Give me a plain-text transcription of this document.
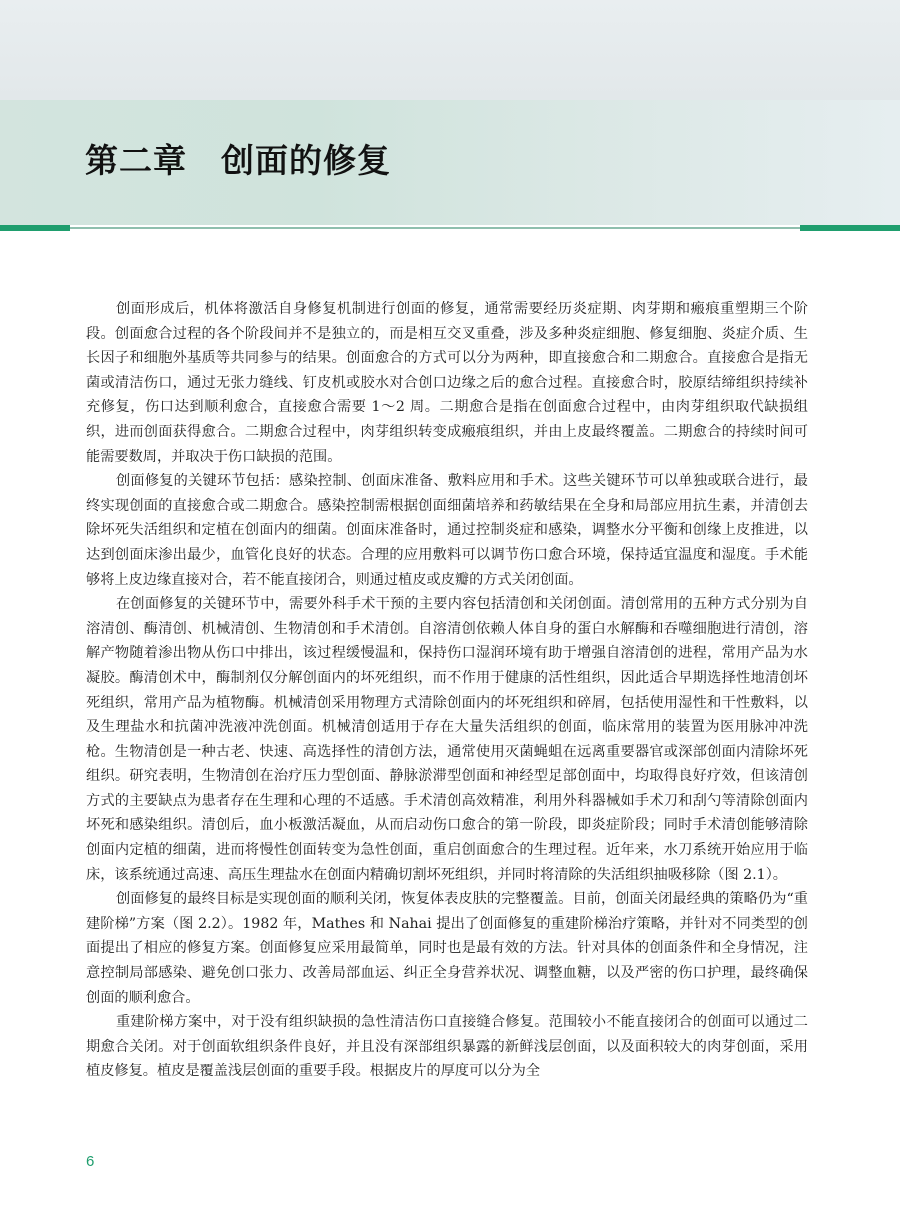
第二章　创面的修复

创面形成后，机体将激活自身修复机制进行创面的修复，通常需要经历炎症期、肉芽期和瘢痕重塑期三个阶段。创面愈合过程的各个阶段间并不是独立的，而是相互交叉重叠，涉及多种炎症细胞、修复细胞、炎症介质、生长因子和细胞外基质等共同参与的结果。创面愈合的方式可以分为两种，即直接愈合和二期愈合。直接愈合是指无菌或清洁伤口，通过无张力缝线、钉皮机或胶水对合创口边缘之后的愈合过程。直接愈合时，胶原结缔组织持续补充修复，伤口达到顺利愈合，直接愈合需要 1～2 周。二期愈合是指在创面愈合过程中，由肉芽组织取代缺损组织，进而创面获得愈合。二期愈合过程中，肉芽组织转变成瘢痕组织，并由上皮最终覆盖。二期愈合的持续时间可能需要数周，并取决于伤口缺损的范围。

创面修复的关键环节包括：感染控制、创面床准备、敷料应用和手术。这些关键环节可以单独或联合进行，最终实现创面的直接愈合或二期愈合。感染控制需根据创面细菌培养和药敏结果在全身和局部应用抗生素，并清创去除坏死失活组织和定植在创面内的细菌。创面床准备时，通过控制炎症和感染，调整水分平衡和创缘上皮推进，以达到创面床渗出最少，血管化良好的状态。合理的应用敷料可以调节伤口愈合环境，保持适宜温度和湿度。手术能够将上皮边缘直接对合，若不能直接闭合，则通过植皮或皮瓣的方式关闭创面。

在创面修复的关键环节中，需要外科手术干预的主要内容包括清创和关闭创面。清创常用的五种方式分别为自溶清创、酶清创、机械清创、生物清创和手术清创。自溶清创依赖人体自身的蛋白水解酶和吞噬细胞进行清创，溶解产物随着渗出物从伤口中排出，该过程缓慢温和，保持伤口湿润环境有助于增强自溶清创的进程，常用产品为水凝胶。酶清创术中，酶制剂仅分解创面内的坏死组织，而不作用于健康的活性组织，因此适合早期选择性地清创坏死组织，常用产品为植物酶。机械清创采用物理方式清除创面内的坏死组织和碎屑，包括使用湿性和干性敷料，以及生理盐水和抗菌冲洗液冲洗创面。机械清创适用于存在大量失活组织的创面，临床常用的装置为医用脉冲冲洗枪。生物清创是一种古老、快速、高选择性的清创方法，通常使用灭菌蝇蛆在远离重要器官或深部创面内清除坏死组织。研究表明，生物清创在治疗压力型创面、静脉淤滞型创面和神经型足部创面中，均取得良好疗效，但该清创方式的主要缺点为患者存在生理和心理的不适感。手术清创高效精准，利用外科器械如手术刀和刮勺等清除创面内坏死和感染组织。清创后，血小板激活凝血，从而启动伤口愈合的第一阶段，即炎症阶段；同时手术清创能够清除创面内定植的细菌，进而将慢性创面转变为急性创面，重启创面愈合的生理过程。近年来，水刀系统开始应用于临床，该系统通过高速、高压生理盐水在创面内精确切割坏死组织，并同时将清除的失活组织抽吸移除（图 2.1）。

创面修复的最终目标是实现创面的顺利关闭，恢复体表皮肤的完整覆盖。目前，创面关闭最经典的策略仍为“重建阶梯”方案（图 2.2）。1982 年，Mathes 和 Nahai 提出了创面修复的重建阶梯治疗策略，并针对不同类型的创面提出了相应的修复方案。创面修复应采用最简单，同时也是最有效的方法。针对具体的创面条件和全身情况，注意控制局部感染、避免创口张力、改善局部血运、纠正全身营养状况、调整血糖，以及严密的伤口护理，最终确保创面的顺利愈合。

重建阶梯方案中，对于没有组织缺损的急性清洁伤口直接缝合修复。范围较小不能直接闭合的创面可以通过二期愈合关闭。对于创面软组织条件良好，并且没有深部组织暴露的新鲜浅层创面，以及面积较大的肉芽创面，采用植皮修复。植皮是覆盖浅层创面的重要手段。根据皮片的厚度可以分为全

6
